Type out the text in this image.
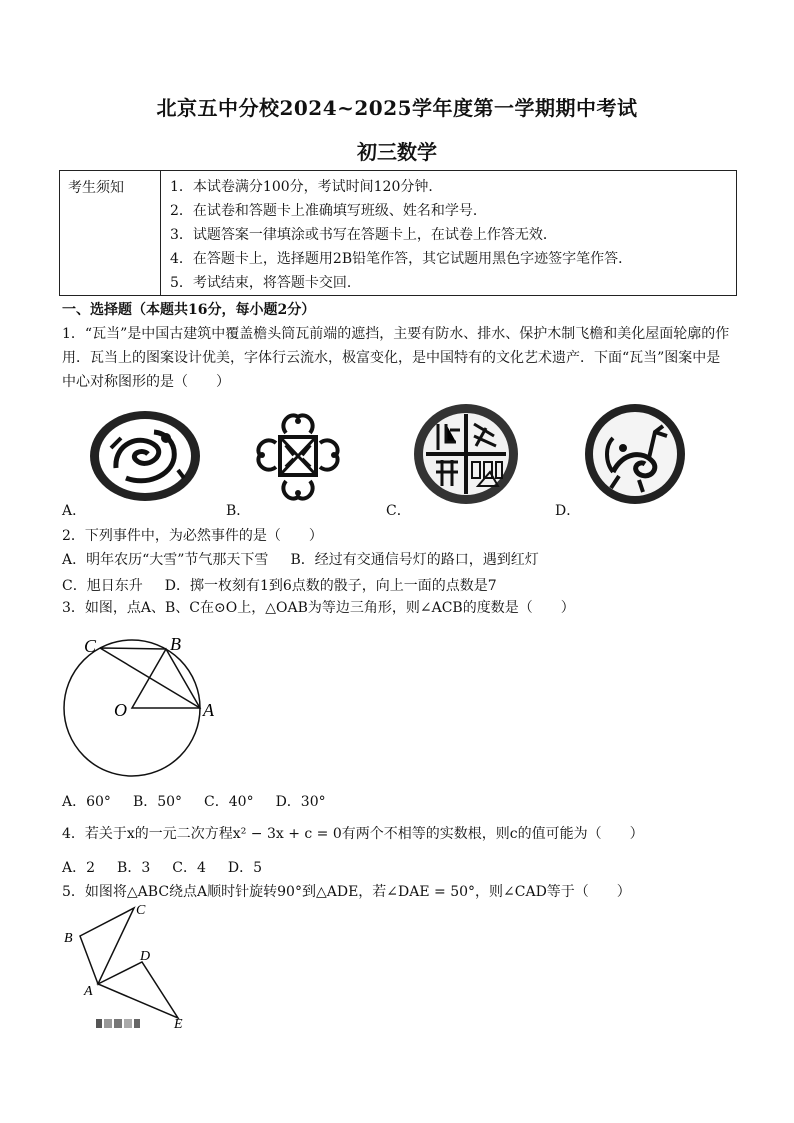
北京五中分校2024~2025学年度第一学期期中考试
初三数学
考生须知	1．本试卷满分100分，考试时间120分钟．
2．在试卷和答题卡上准确填写班级、姓名和学号．
3．试题答案一律填涂或书写在答题卡上，在试卷上作答无效．
4．在答题卡上，选择题用2B铅笔作答，其它试题用黑色字迹签字笔作答．
5．考试结束，将答题卡交回．
一、选择题（本题共16分，每小题2分）
1．“瓦当”是中国古建筑中覆盖檐头筒瓦前端的遮挡，主要有防水、排水、保护木制飞檐和美化屋面轮廓的作用．瓦当上的图案设计优美，字体行云流水，极富变化，是中国特有的文化艺术遗产．下面“瓦当”图案中是中心对称图形的是（　　）
A．	B．	C．	D．
2．下列事件中，为必然事件的是（　　）
A．明年农历“大雪”节气那天下雪 B．经过有交通信号灯的路口，遇到红灯
C．旭日东升 D．掷一枚刻有1到6点数的骰子，向上一面的点数是7
3．如图，点A、B、C在⊙O上，△OAB为等边三角形，则∠ACB的度数是（　　）
C	B
O	A
A．60° B．50° C．40° D．30°
4．若关于x的一元二次方程x² − 3x + c = 0有两个不相等的实数根，则c的值可能为（　　）
A．2 B．3 C．4 D．5
5．如图将△ABC绕点A顺时针旋转90°到△ADE，若∠DAE = 50°，则∠CAD等于（　　）
C
B
D
A
E
